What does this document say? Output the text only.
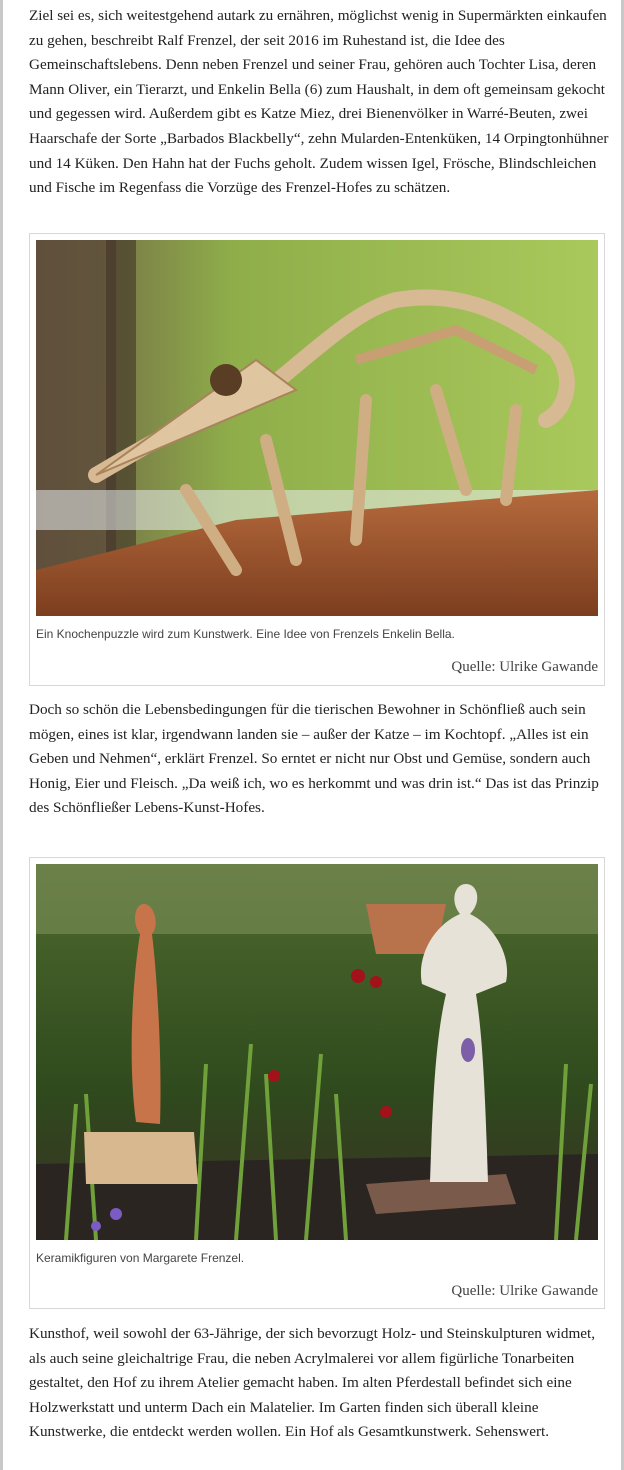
Ziel sei es, sich weitestgehend autark zu ernähren, möglichst wenig in Supermärkten einkaufen zu gehen, beschreibt Ralf Frenzel, der seit 2016 im Ruhestand ist, die Idee des Gemeinschaftslebens. Denn neben Frenzel und seiner Frau, gehören auch Tochter Lisa, deren Mann Oliver, ein Tierarzt, und Enkelin Bella (6) zum Haushalt, in dem oft gemeinsam gekocht und gegessen wird. Außerdem gibt es Katze Miez, drei Bienenvölker in Warré-Beuten, zwei Haarschafe der Sorte „Barbados Blackbelly“, zehn Mularden-Entenküken, 14 Orpingtonhühner und 14 Küken. Den Hahn hat der Fuchs geholt. Zudem wissen Igel, Frösche, Blindschleichen und Fische im Regenfass die Vorzüge des Frenzel-Hofes zu schätzen.

Ein Knochenpuzzle wird zum Kunstwerk. Eine Idee von Frenzels Enkelin Bella.

Quelle: Ulrike Gawande

Doch so schön die Lebensbedingungen für die tierischen Bewohner in Schönfließ auch sein mögen, eines ist klar, irgendwann landen sie – außer der Katze – im Kochtopf. „Alles ist ein Geben und Nehmen“, erklärt Frenzel. So erntet er nicht nur Obst und Gemüse, sondern auch Honig, Eier und Fleisch. „Da weiß ich, wo es herkommt und was drin ist.“ Das ist das Prinzip des Schönfließer Lebens-Kunst-Hofes.

Keramikfiguren von Margarete Frenzel.

Quelle: Ulrike Gawande

Kunsthof, weil sowohl der 63-Jährige, der sich bevorzugt Holz- und Steinskulpturen widmet, als auch seine gleichaltrige Frau, die neben Acrylmalerei vor allem figürliche Tonarbeiten gestaltet, den Hof zu ihrem Atelier gemacht haben. Im alten Pferdestall befindet sich eine Holzwerkstatt und unterm Dach ein Malatelier. Im Garten finden sich überall kleine Kunstwerke, die entdeckt werden wollen. Ein Hof als Gesamtkunstwerk. Sehenswert.
